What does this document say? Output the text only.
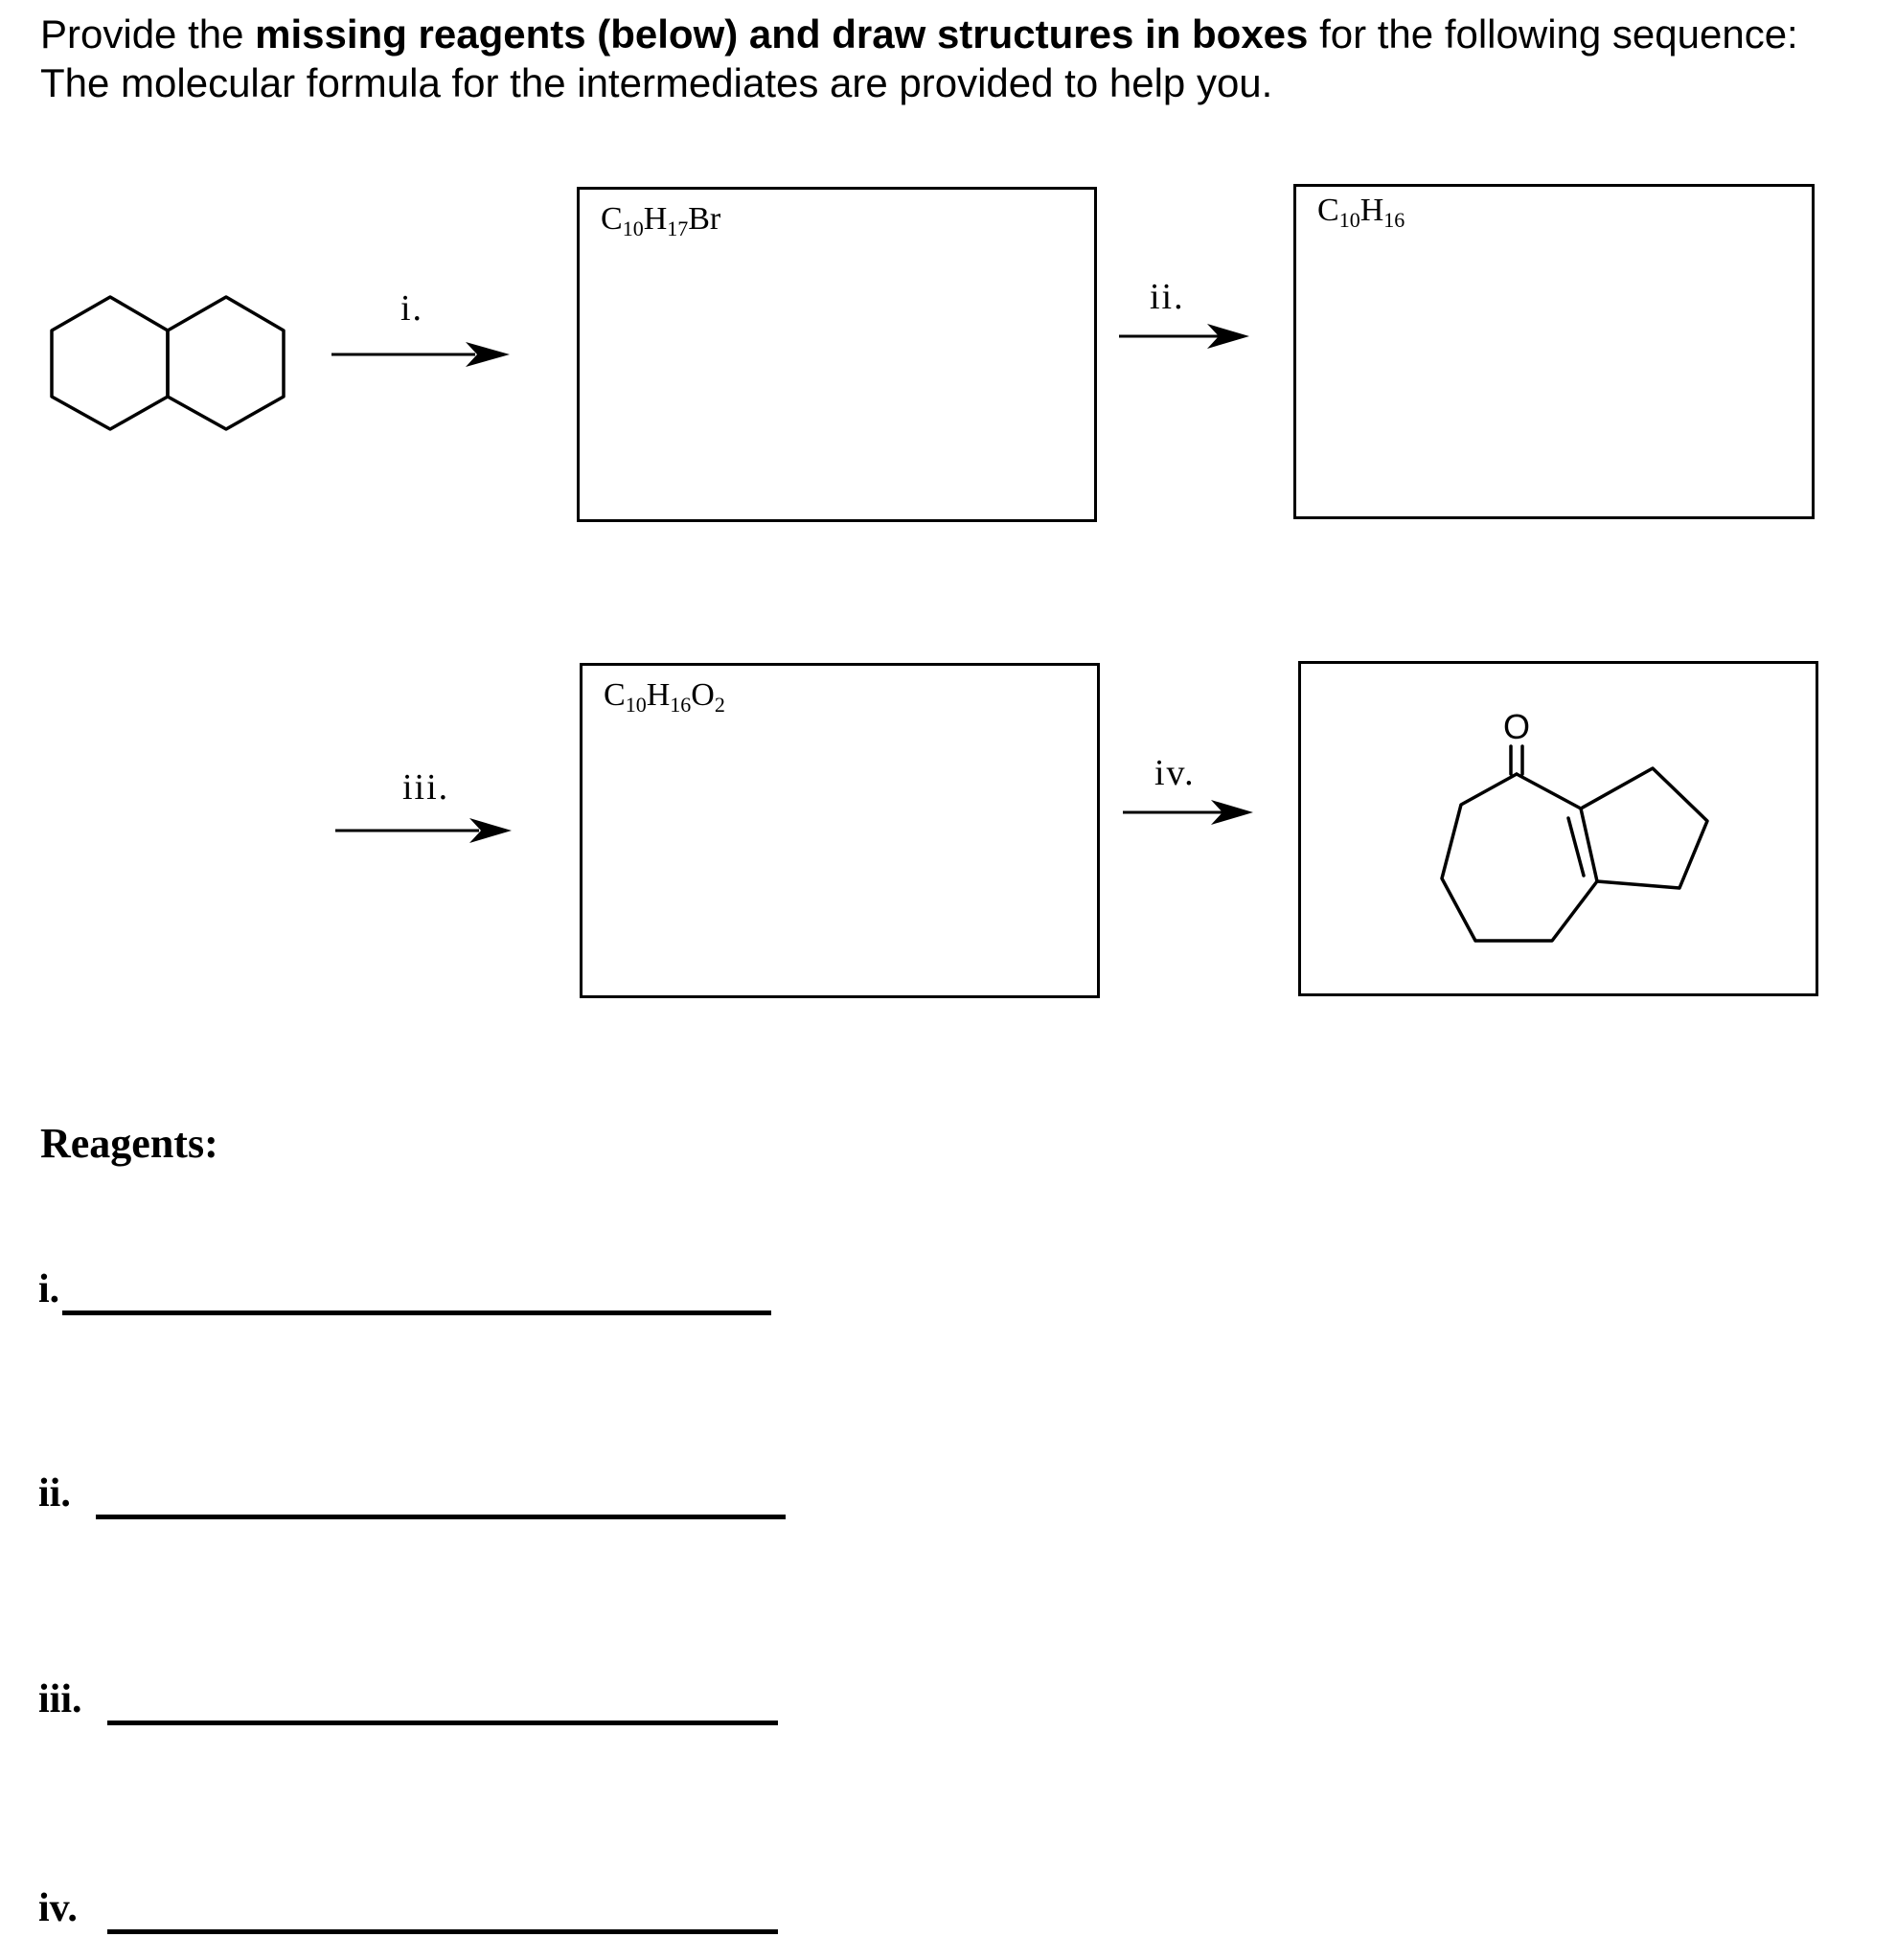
Provide the missing reagents (below) and draw structures in boxes for the following sequence:
The molecular formula for the intermediates are provided to help you.
i.
$C_{10}H_{17}Br$
ii.
$C_{10}H_{16}$
iii.
$C_{10}H_{16}O_2$
iv.
O
Reagents:
i.
ii.
iii.
iv.
